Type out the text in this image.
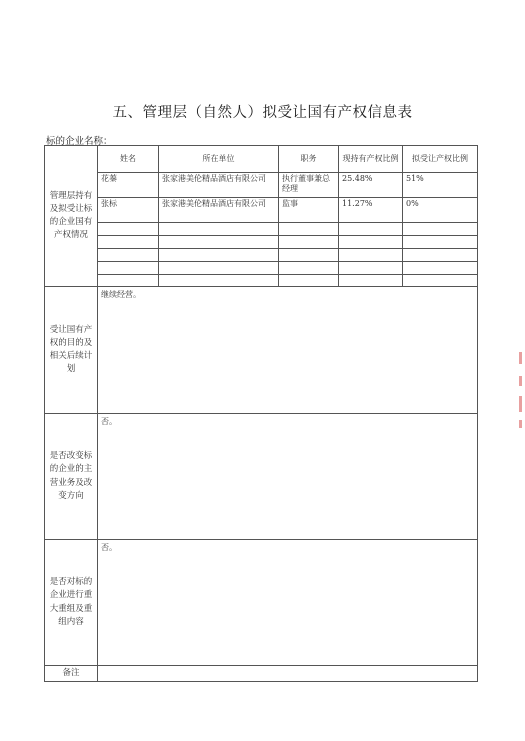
五、管理层（自然人）拟受让国有产权信息表
标的企业名称：
管理层持有及拟受让标的企业国有产权情况	姓名	所在单位	职务	现持有产权比例	拟受让产权比例
	花蓁	张家港美伦精品酒店有限公司	执行董事兼总经理	25.48%	51%
	张标	张家港美伦精品酒店有限公司	监事	11.27%	0%

受让国有产权的目的及相关后续计划	继续经营。				
是否改变标的企业的主营业务及改变方向	否。				
是否对标的企业进行重大重组及重组内容	否。				
备注					
